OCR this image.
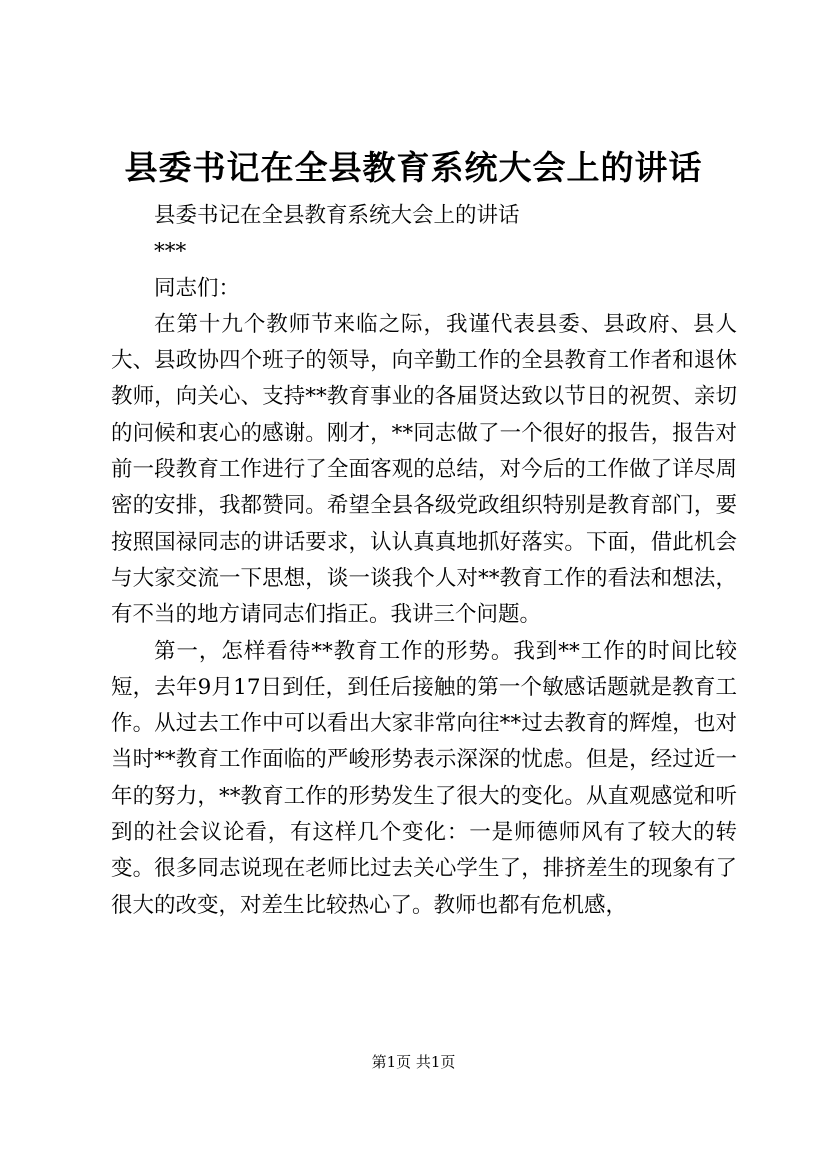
县委书记在全县教育系统大会上的讲话

县委书记在全县教育系统大会上的讲话

***

同志们：

在第十九个教师节来临之际，我谨代表县委、县政府、县人大、县政协四个班子的领导，向辛勤工作的全县教育工作者和退休教师，向关心、支持**教育事业的各届贤达致以节日的祝贺、亲切的问候和衷心的感谢。刚才，**同志做了一个很好的报告，报告对前一段教育工作进行了全面客观的总结，对今后的工作做了详尽周密的安排，我都赞同。希望全县各级党政组织特别是教育部门，要按照国禄同志的讲话要求，认认真真地抓好落实。下面，借此机会与大家交流一下思想，谈一谈我个人对**教育工作的看法和想法，有不当的地方请同志们指正。我讲三个问题。

第一，怎样看待**教育工作的形势。我到**工作的时间比较短，去年9月17日到任，到任后接触的第一个敏感话题就是教育工作。从过去工作中可以看出大家非常向往**过去教育的辉煌，也对当时**教育工作面临的严峻形势表示深深的忧虑。但是，经过近一年的努力，**教育工作的形势发生了很大的变化。从直观感觉和听到的社会议论看，有这样几个变化：一是师德师风有了较大的转变。很多同志说现在老师比过去关心学生了，排挤差生的现象有了很大的改变，对差生比较热心了。教师也都有危机感，

第1页 共1页
